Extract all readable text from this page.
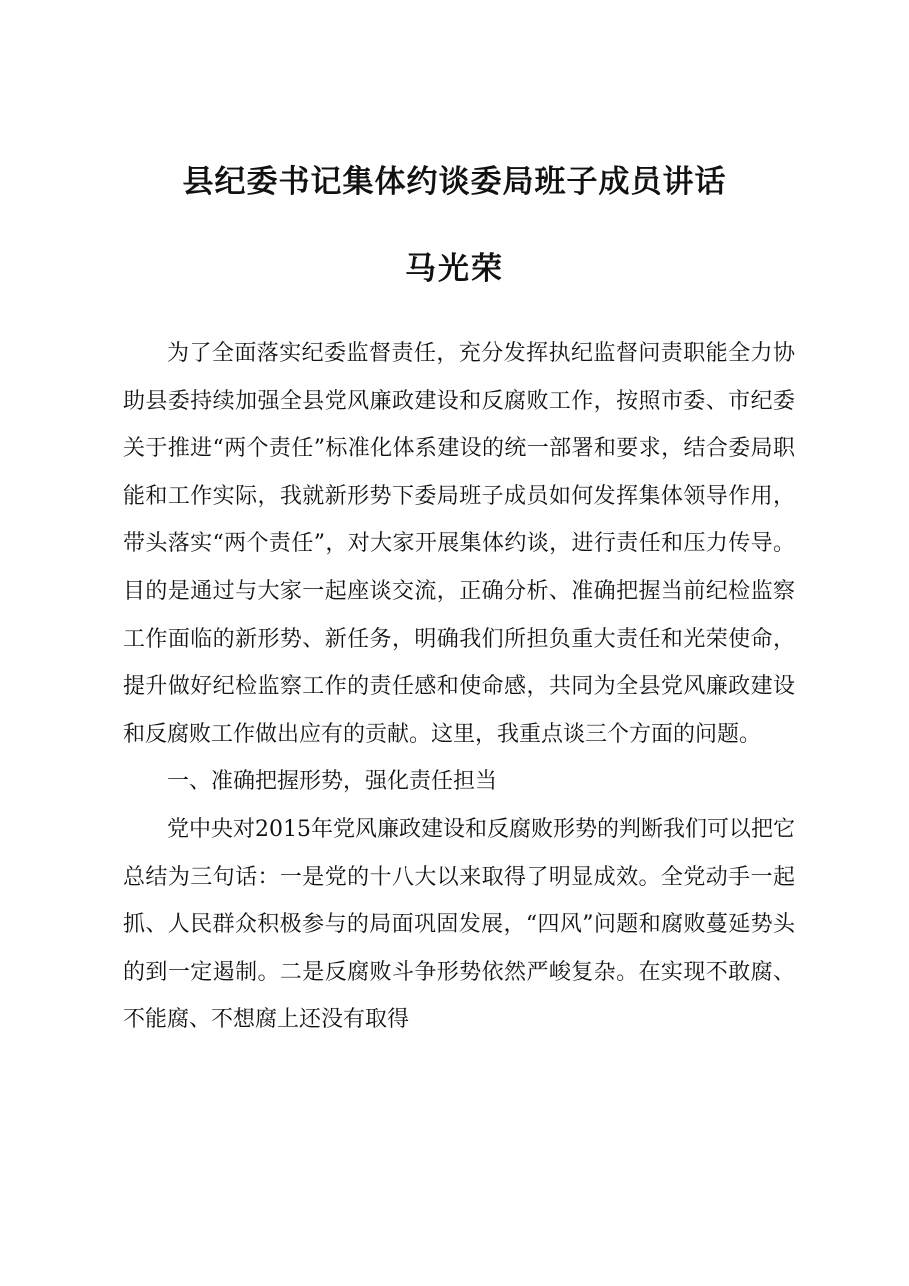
县纪委书记集体约谈委局班子成员讲话
马光荣

为了全面落实纪委监督责任，充分发挥执纪监督问责职能全力协助县委持续加强全县党风廉政建设和反腐败工作，按照市委、市纪委关于推进“两个责任”标准化体系建设的统一部署和要求，结合委局职能和工作实际，我就新形势下委局班子成员如何发挥集体领导作用，带头落实“两个责任”，对大家开展集体约谈，进行责任和压力传导。目的是通过与大家一起座谈交流，正确分析、准确把握当前纪检监察工作面临的新形势、新任务，明确我们所担负重大责任和光荣使命，提升做好纪检监察工作的责任感和使命感，共同为全县党风廉政建设和反腐败工作做出应有的贡献。这里，我重点谈三个方面的问题。

一、准确把握形势，强化责任担当

党中央对2015年党风廉政建设和反腐败形势的判断我们可以把它总结为三句话：一是党的十八大以来取得了明显成效。全党动手一起抓、人民群众积极参与的局面巩固发展，“四风”问题和腐败蔓延势头的到一定遏制。二是反腐败斗争形势依然严峻复杂。在实现不敢腐、不能腐、不想腐上还没有取得
